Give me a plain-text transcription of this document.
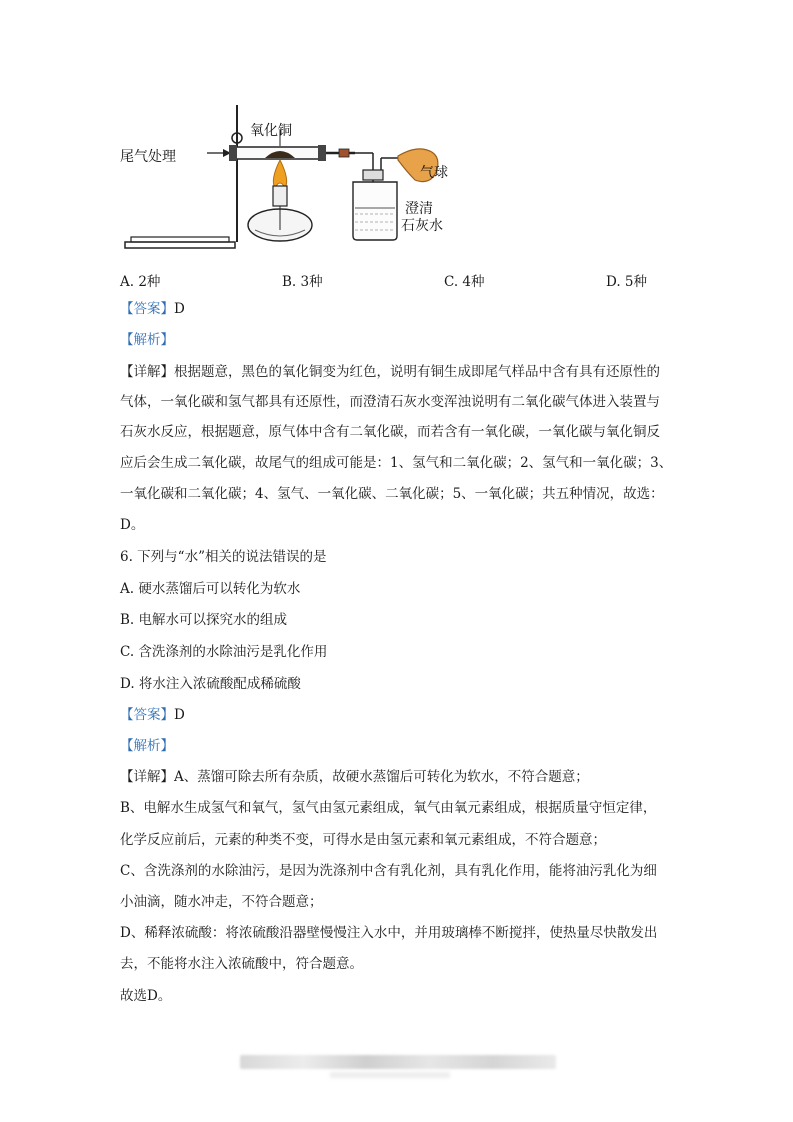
氧化铜
尾气处理
气球
澄清
石灰水
A. 2种	B. 3种	C. 4种	D. 5种
【答案】D
【解析】
【详解】根据题意，黑色的氧化铜变为红色，说明有铜生成即尾气样品中含有具有还原性的
气体，一氧化碳和氢气都具有还原性，而澄清石灰水变浑浊说明有二氧化碳气体进入装置与
石灰水反应，根据题意，原气体中含有二氧化碳，而若含有一氧化碳，一氧化碳与氧化铜反
应后会生成二氧化碳，故尾气的组成可能是：1、氢气和二氧化碳；2、氢气和一氧化碳；3、
一氧化碳和二氧化碳；4、氢气、一氧化碳、二氧化碳；5、一氧化碳；共五种情况，故选：
D。
6. 下列与“水”相关的说法错误的是
A. 硬水蒸馏后可以转化为软水
B. 电解水可以探究水的组成
C. 含洗涤剂的水除油污是乳化作用
D. 将水注入浓硫酸配成稀硫酸
【答案】D
【解析】
【详解】A、蒸馏可除去所有杂质，故硬水蒸馏后可转化为软水，不符合题意；
B、电解水生成氢气和氧气，氢气由氢元素组成，氧气由氧元素组成，根据质量守恒定律，
化学反应前后，元素的种类不变，可得水是由氢元素和氧元素组成，不符合题意；
C、含洗涤剂的水除油污，是因为洗涤剂中含有乳化剂，具有乳化作用，能将油污乳化为细
小油滴，随水冲走，不符合题意；
D、稀释浓硫酸：将浓硫酸沿器壁慢慢注入水中，并用玻璃棒不断搅拌，使热量尽快散发出
去，不能将水注入浓硫酸中，符合题意。
故选D。
